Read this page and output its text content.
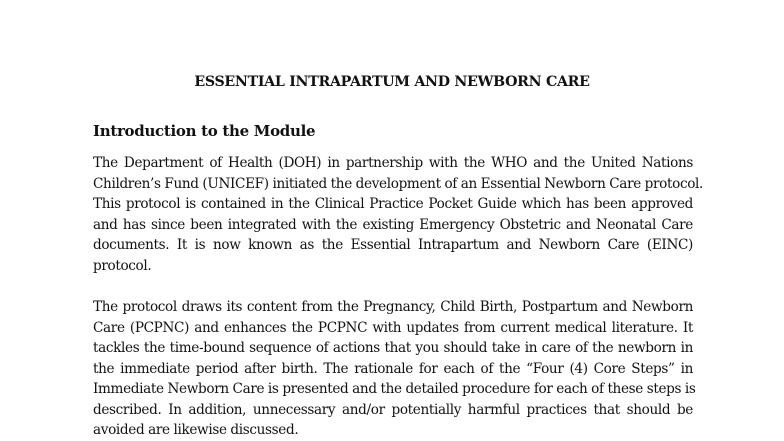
ESSENTIAL INTRAPARTUM AND NEWBORN CARE
Introduction to the Module
The Department of Health (DOH) in partnership with the WHO and the United Nations
Children’s Fund (UNICEF) initiated the development of an Essential Newborn Care protocol.
This protocol is contained in the Clinical Practice Pocket Guide which has been approved
and has since been integrated with the existing Emergency Obstetric and Neonatal Care
documents. It is now known as the Essential Intrapartum and Newborn Care (EINC)
protocol.
The protocol draws its content from the Pregnancy, Child Birth, Postpartum and Newborn
Care (PCPNC) and enhances the PCPNC with updates from current medical literature. It
tackles the time-bound sequence of actions that you should take in care of the newborn in
the immediate period after birth. The rationale for each of the “Four (4) Core Steps” in
Immediate Newborn Care is presented and the detailed procedure for each of these steps is
described. In addition, unnecessary and/or potentially harmful practices that should be
avoided are likewise discussed.
